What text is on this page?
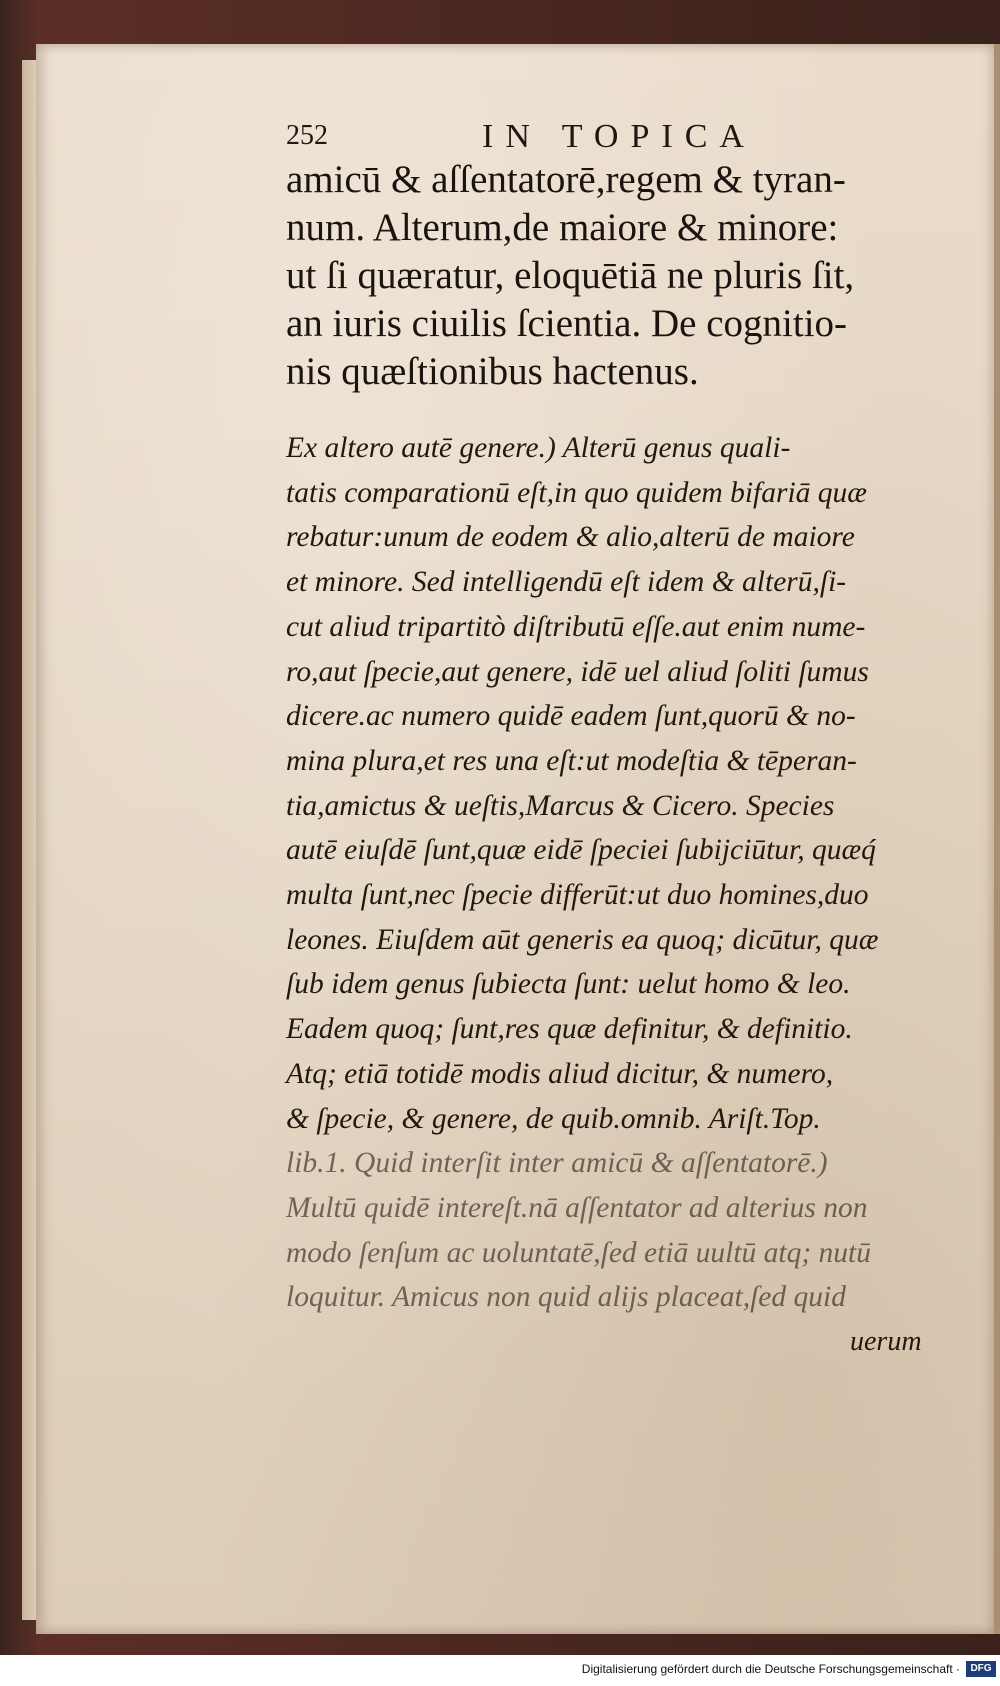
252	IN TOPICA
amicū & aſſentatorē,regem & tyran-
num. Alterum,de maiore & minore:
ut ſi quæratur, eloquētiā ne pluris ſit,
an iuris ciuilis ſcientia. De cognitio-
nis quæſtionibus hactenus.
Ex altero autē genere.) Alterū genus quali-
tatis comparationū eſt,in quo quidem bifariā quæ
rebatur:unum de eodem & alio,alterū de maiore
et minore. Sed intelligendū eſt idem & alterū,ſi-
cut aliud tripartitò diſtributū eſſe.aut enim nume-
ro,aut ſpecie,aut genere, idē uel aliud ſoliti ſumus
dicere.ac numero quidē eadem ſunt,quorū & no-
mina plura,et res una eſt:ut modeſtia & tēperan-
tia,amictus & ueſtis,Marcus & Cicero. Species
autē eiuſdē ſunt,quæ eidē ſpeciei ſubijciūtur, quæq́
multa ſunt,nec ſpecie differūt:ut duo homines,duo
leones. Eiuſdem aūt generis ea quoq; dicūtur, quæ
ſub idem genus ſubiecta ſunt: uelut homo & leo.
Eadem quoq; ſunt,res quæ definitur, & definitio.
Atq; etiā totidē modis aliud dicitur, & numero,
& ſpecie, & genere, de quib.omnib. Ariſt.Top.
lib.1. Quid interſit inter amicū & aſſentatorē.)
Multū quidē intereſt.nā aſſentator ad alterius non
modo ſenſum ac uoluntatē,ſed etiā uultū atq; nutū
loquitur. Amicus non quid alijs placeat,ſed quid
uerum
Digitalisierung gefördert durch die Deutsche Forschungsgemeinschaft ·	DFG
